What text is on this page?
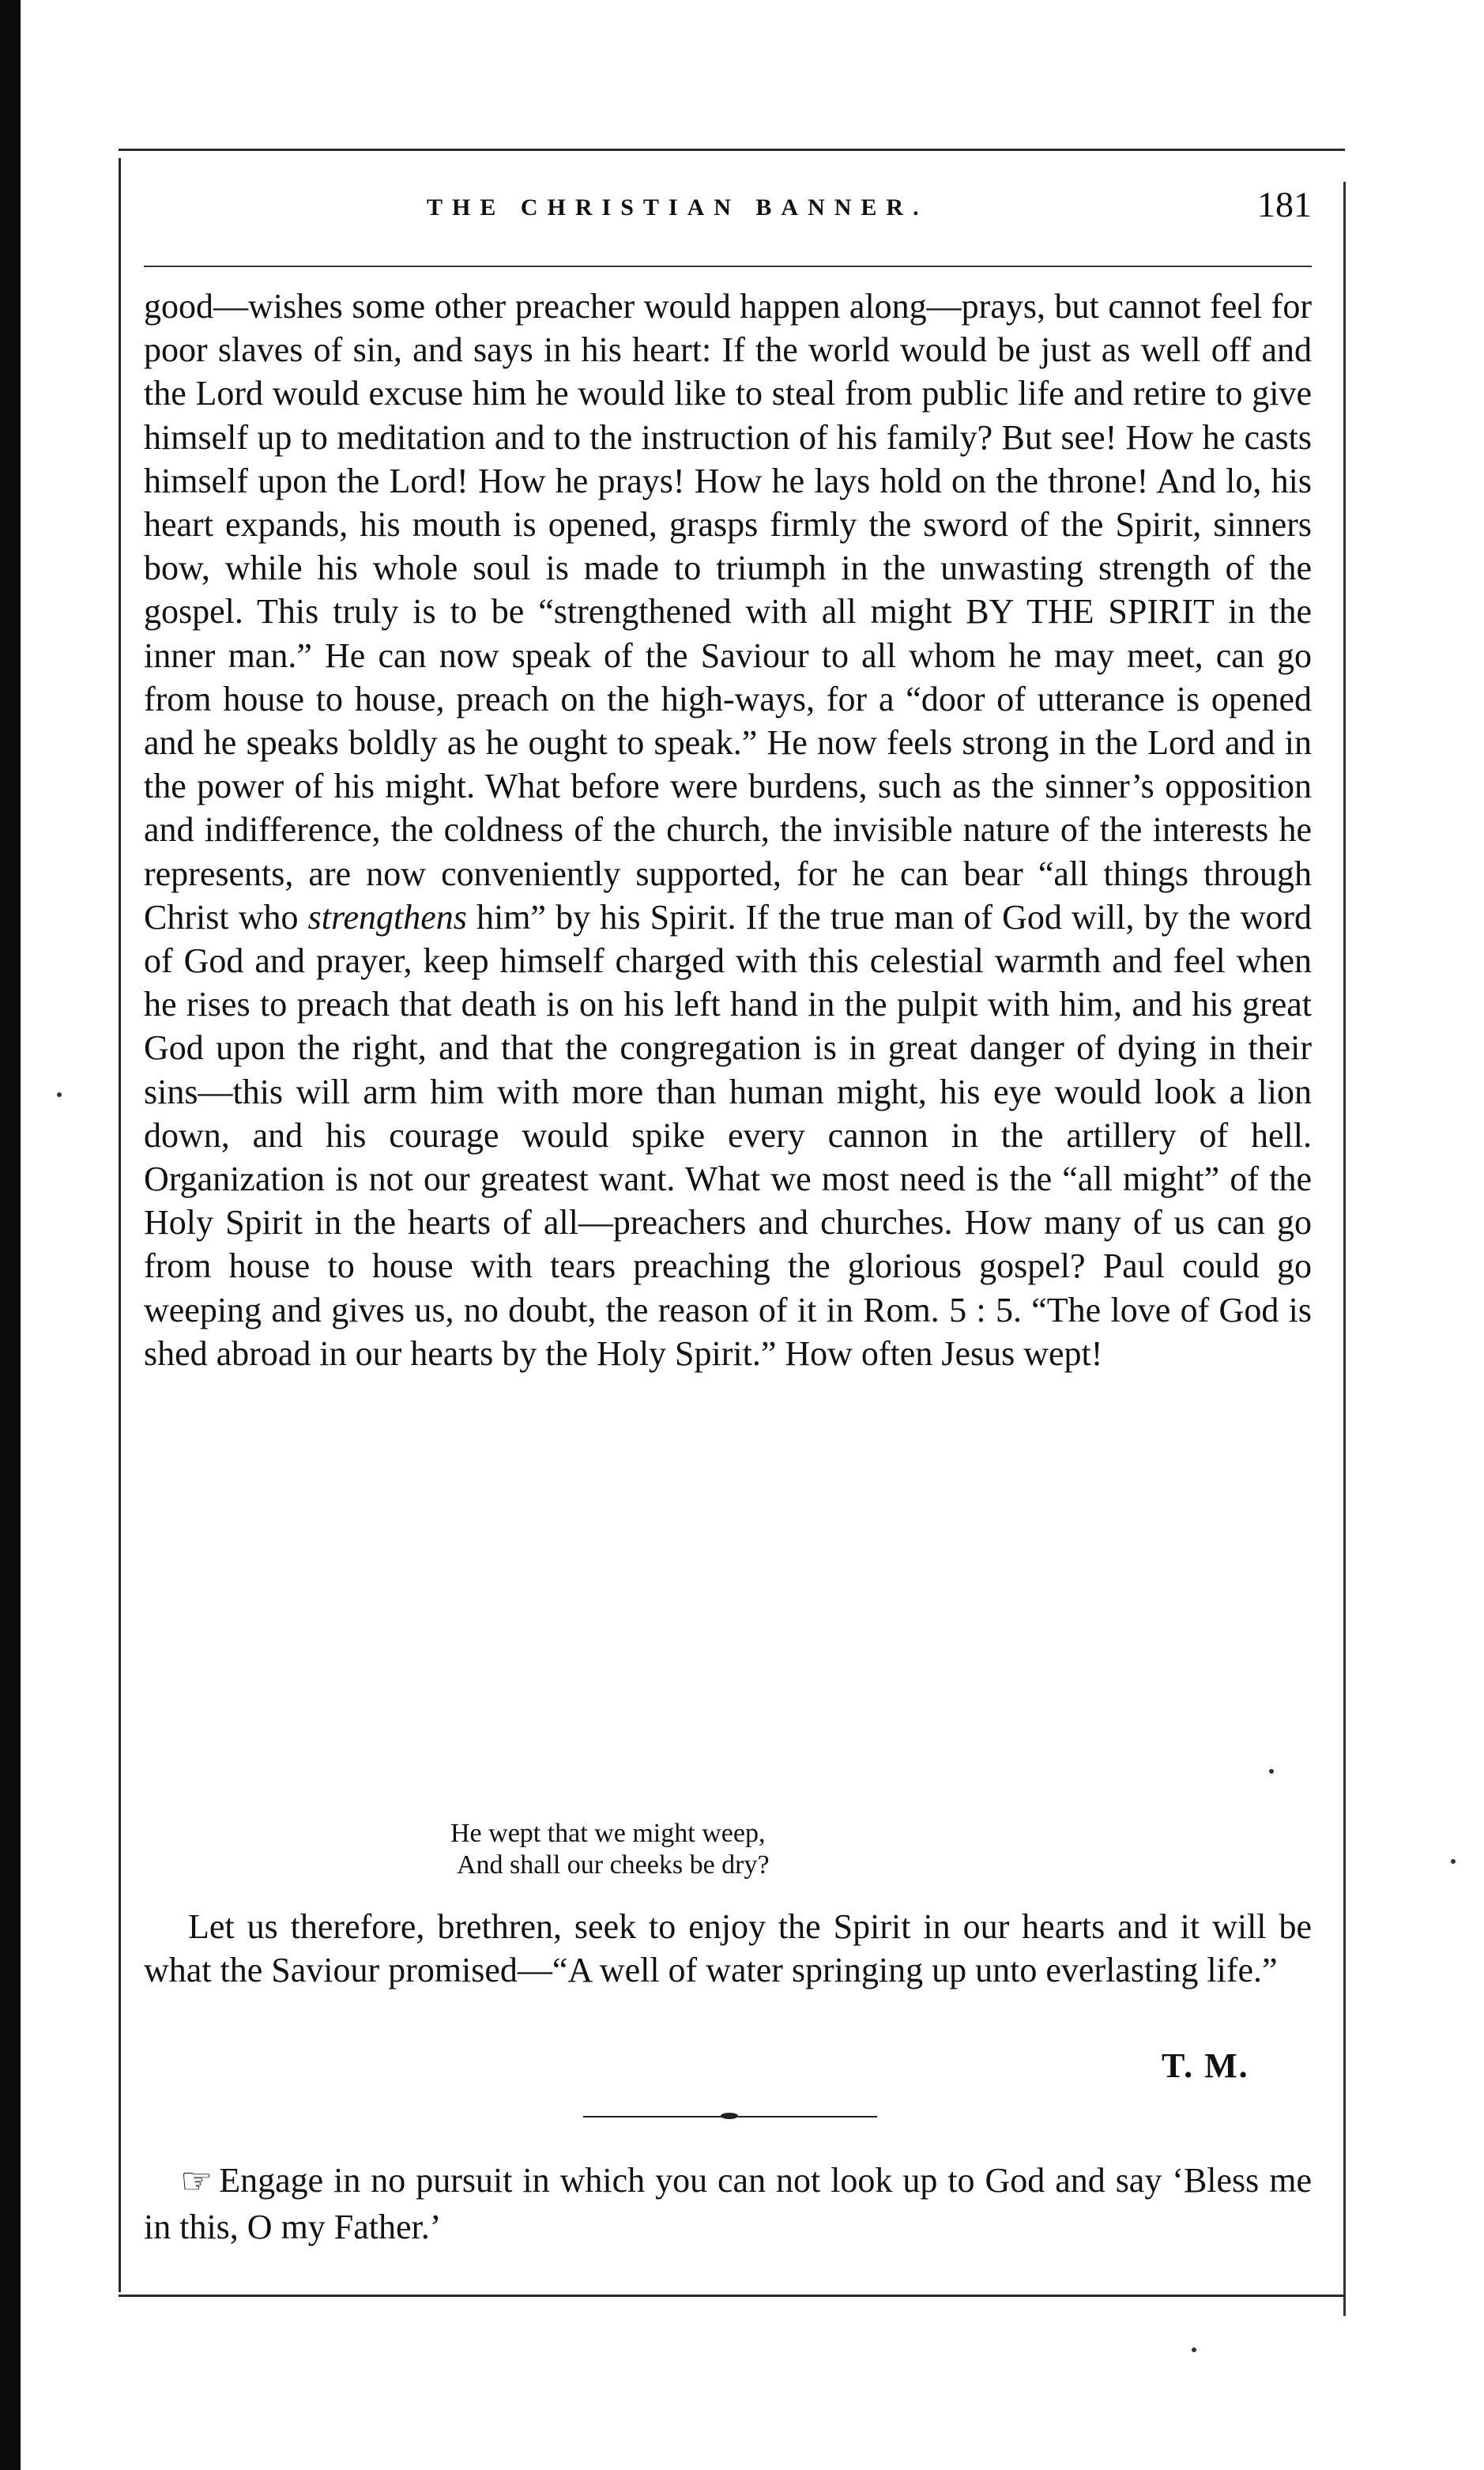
THE CHRISTIAN BANNER.	181

good—wishes some other preacher would happen along—prays, but cannot feel for poor slaves of sin, and says in his heart: If the world would be just as well off and the Lord would excuse him he would like to steal from public life and retire to give himself up to meditation and to the instruction of his family? But see! How he casts himself upon the Lord! How he prays! How he lays hold on the throne! And lo, his heart expands, his mouth is opened, grasps firmly the sword of the Spirit, sinners bow, while his whole soul is made to triumph in the unwasting strength of the gospel. This truly is to be “strengthened with all might BY THE SPIRIT in the inner man.” He can now speak of the Saviour to all whom he may meet, can go from house to house, preach on the high-ways, for a “door of utterance is opened and he speaks boldly as he ought to speak.” He now feels strong in the Lord and in the power of his might. What before were burdens, such as the sinner’s opposition and indifference, the coldness of the church, the invisible nature of the interests he represents, are now conveniently supported, for he can bear “all things through Christ who strengthens him” by his Spirit. If the true man of God will, by the word of God and prayer, keep himself charged with this celestial warmth and feel when he rises to preach that death is on his left hand in the pulpit with him, and his great God upon the right, and that the congregation is in great danger of dying in their sins—this will arm him with more than human might, his eye would look a lion down, and his courage would spike every cannon in the artillery of hell. Organization is not our greatest want. What we most need is the “all might” of the Holy Spirit in the hearts of all—preachers and churches. How many of us can go from house to house with tears preaching the glorious gospel? Paul could go weeping and gives us, no doubt, the reason of it in Rom. 5 : 5. “The love of God is shed abroad in our hearts by the Holy Spirit.” How often Jesus wept!

He wept that we might weep,
And shall our cheeks be dry?

Let us therefore, brethren, seek to enjoy the Spirit in our hearts and it will be what the Saviour promised—“A well of water springing up unto everlasting life.”

T. M.

☞ Engage in no pursuit in which you can not look up to God and say ‘Bless me in this, O my Father.’
